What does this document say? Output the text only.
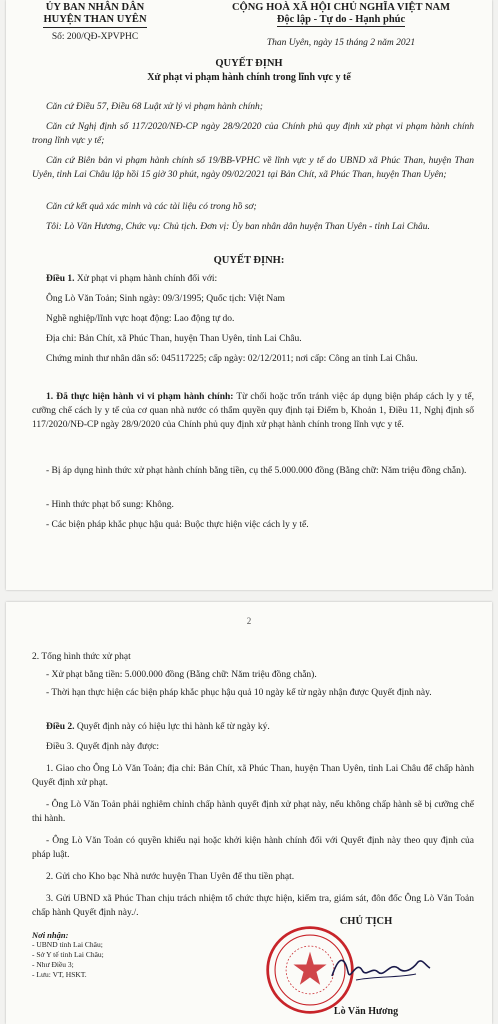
ỦY BAN NHÂN DÂN
HUYỆN THAN UYÊN
Số: 200/QĐ-XPVPHC
CỘNG HOÀ XÃ HỘI CHỦ NGHĨA VIỆT NAM
Độc lập - Tự do - Hạnh phúc
Than Uyên, ngày 15 tháng 2 năm 2021
QUYẾT ĐỊNH
Xử phạt vi phạm hành chính trong lĩnh vực y tế
Căn cứ Điều 57, Điều 68 Luật xử lý vi phạm hành chính;
Căn cứ Nghị định số 117/2020/NĐ-CP ngày 28/9/2020 của Chính phủ quy định xử phạt vi phạm hành chính trong lĩnh vực y tế;
Căn cứ Biên bản vi phạm hành chính số 19/BB-VPHC về lĩnh vực y tế do UBND xã Phúc Than, huyện Than Uyên, tỉnh Lai Châu lập hồi 15 giờ 30 phút, ngày 09/02/2021 tại Bản Chít, xã Phúc Than, huyện Than Uyên;
Căn cứ kết quả xác minh và các tài liệu có trong hồ sơ;
Tôi: Lò Văn Hương, Chức vụ: Chủ tịch. Đơn vị: Ủy ban nhân dân huyện Than Uyên - tỉnh Lai Châu.
QUYẾT ĐỊNH:
Điều 1. Xử phạt vi phạm hành chính đối với:
Ông Lò Văn Toản; Sinh ngày: 09/3/1995; Quốc tịch: Việt Nam
Nghề nghiệp/lĩnh vực hoạt động: Lao động tự do.
Địa chỉ: Bản Chít, xã Phúc Than, huyện Than Uyên, tỉnh Lai Châu.
Chứng minh thư nhân dân số: 045117225; cấp ngày: 02/12/2011; nơi cấp: Công an tỉnh Lai Châu.
1. Đã thực hiện hành vi vi phạm hành chính: Từ chối hoặc trốn tránh việc áp dụng biện pháp cách ly y tế, cưỡng chế cách ly y tế của cơ quan nhà nước có thẩm quyền quy định tại Điểm b, Khoản 1, Điều 11, Nghị định số 117/2020/NĐ-CP ngày 28/9/2020 của Chính phủ quy định xử phạt hành chính trong lĩnh vực y tế.
- Bị áp dụng hình thức xử phạt hành chính bằng tiền, cụ thể 5.000.000 đồng (Bằng chữ: Năm triệu đồng chẵn).
- Hình thức phạt bổ sung: Không.
- Các biện pháp khắc phục hậu quả: Buộc thực hiện việc cách ly y tế.
2
2. Tổng hình thức xử phạt
- Xử phạt bằng tiền: 5.000.000 đồng (Bằng chữ: Năm triệu đồng chẵn).
- Thời hạn thực hiện các biện pháp khắc phục hậu quả 10 ngày kể từ ngày nhận được Quyết định này.
Điều 2. Quyết định này có hiệu lực thi hành kể từ ngày ký.
Điều 3. Quyết định này được:
1. Giao cho Ông Lò Văn Toản; địa chỉ: Bản Chít, xã Phúc Than, huyện Than Uyên, tỉnh Lai Châu để chấp hành Quyết định xử phạt.
- Ông Lò Văn Toản phải nghiêm chỉnh chấp hành quyết định xử phạt này, nếu không chấp hành sẽ bị cưỡng chế thi hành.
- Ông Lò Văn Toản có quyền khiếu nại hoặc khởi kiện hành chính đối với Quyết định này theo quy định của pháp luật.
2. Gửi cho Kho bạc Nhà nước huyện Than Uyên để thu tiền phạt.
3. Gửi UBND xã Phúc Than chịu trách nhiệm tổ chức thực hiện, kiểm tra, giám sát, đôn đốc Ông Lò Văn Toản chấp hành Quyết định này./.
Nơi nhận:
- UBND tỉnh Lai Châu;
- Sở Y tế tỉnh Lai Châu;
- Như Điều 3;
- Lưu: VT, HSKT.
CHỦ TỊCH
Lò Văn Hương
